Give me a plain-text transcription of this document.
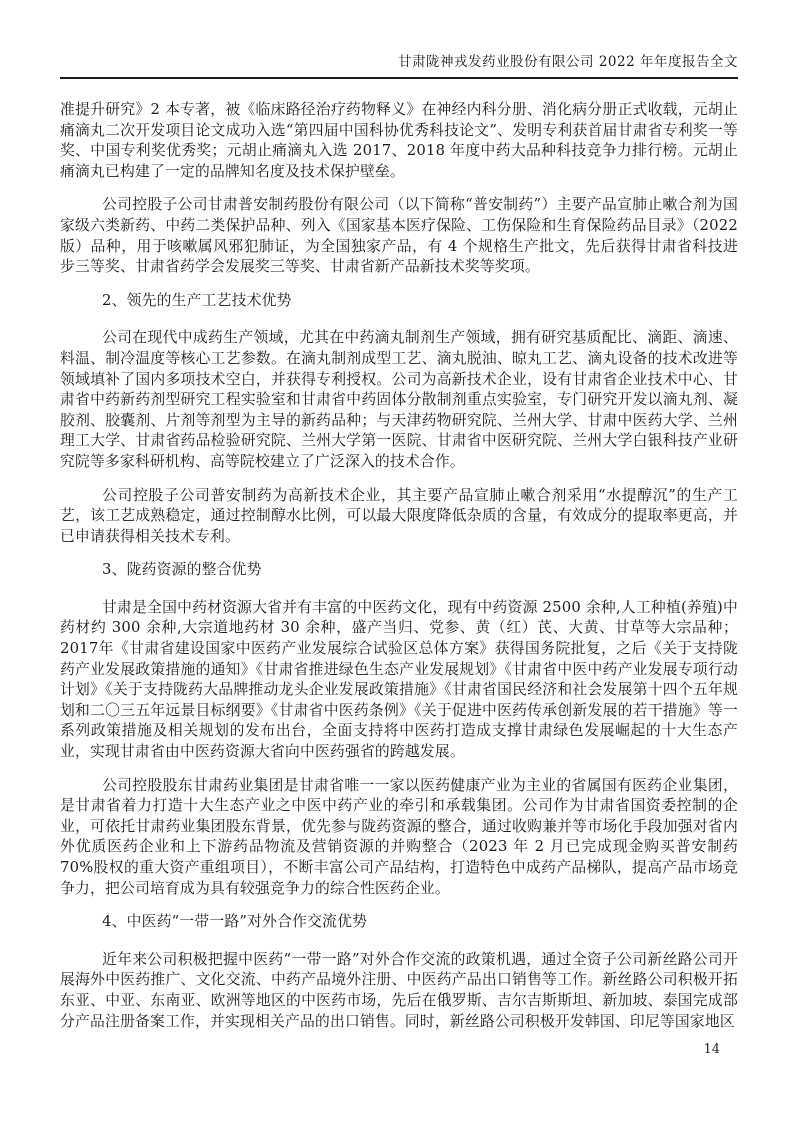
甘肃陇神戎发药业股份有限公司 2022 年年度报告全文

准提升研究》2 本专著，被《临床路径治疗药物释义》在神经内科分册、消化病分册正式收载，元胡止痛滴丸二次开发项目论文成功入选“第四届中国科协优秀科技论文”、发明专利获首届甘肃省专利奖一等奖、中国专利奖优秀奖；元胡止痛滴丸入选 2017、2018 年度中药大品种科技竞争力排行榜。元胡止痛滴丸已构建了一定的品牌知名度及技术保护壁垒。

公司控股子公司甘肃普安制药股份有限公司（以下简称“普安制药”）主要产品宣肺止嗽合剂为国家级六类新药、中药二类保护品种、列入《国家基本医疗保险、工伤保险和生育保险药品目录》（2022版）品种，用于咳嗽属风邪犯肺证，为全国独家产品，有 4 个规格生产批文，先后获得甘肃省科技进步三等奖、甘肃省药学会发展奖三等奖、甘肃省新产品新技术奖等奖项。

2、领先的生产工艺技术优势

公司在现代中成药生产领域，尤其在中药滴丸制剂生产领域，拥有研究基质配比、滴距、滴速、料温、制冷温度等核心工艺参数。在滴丸制剂成型工艺、滴丸脱油、晾丸工艺、滴丸设备的技术改进等领域填补了国内多项技术空白，并获得专利授权。公司为高新技术企业，设有甘肃省企业技术中心、甘肃省中药新药剂型研究工程实验室和甘肃省中药固体分散制剂重点实验室，专门研究开发以滴丸剂、凝胶剂、胶囊剂、片剂等剂型为主导的新药品种；与天津药物研究院、兰州大学、甘肃中医药大学、兰州理工大学、甘肃省药品检验研究院、兰州大学第一医院、甘肃省中医研究院、兰州大学白银科技产业研究院等多家科研机构、高等院校建立了广泛深入的技术合作。

公司控股子公司普安制药为高新技术企业，其主要产品宣肺止嗽合剂采用“水提醇沉”的生产工艺，该工艺成熟稳定，通过控制醇水比例，可以最大限度降低杂质的含量，有效成分的提取率更高，并已申请获得相关技术专利。

3、陇药资源的整合优势

甘肃是全国中药材资源大省并有丰富的中医药文化，现有中药资源 2500 余种,人工种植(养殖)中药材约 300 余种,大宗道地药材 30 余种，盛产当归、党参、黄（红）芪、大黄、甘草等大宗品种；2017年《甘肃省建设国家中医药产业发展综合试验区总体方案》获得国务院批复，之后《关于支持陇药产业发展政策措施的通知》《甘肃省推进绿色生态产业发展规划》《甘肃省中医中药产业发展专项行动计划》《关于支持陇药大品牌推动龙头企业发展政策措施》《甘肃省国民经济和社会发展第十四个五年规划和二〇三五年远景目标纲要》《甘肃省中医药条例》《关于促进中医药传承创新发展的若干措施》等一系列政策措施及相关规划的发布出台，全面支持将中医药打造成支撑甘肃绿色发展崛起的十大生态产业，实现甘肃省由中医药资源大省向中医药强省的跨越发展。

公司控股股东甘肃药业集团是甘肃省唯一一家以医药健康产业为主业的省属国有医药企业集团，是甘肃省着力打造十大生态产业之中医中药产业的牵引和承载集团。公司作为甘肃省国资委控制的企业，可依托甘肃药业集团股东背景，优先参与陇药资源的整合，通过收购兼并等市场化手段加强对省内外优质医药企业和上下游药品物流及营销资源的并购整合（2023 年 2 月已完成现金购买普安制药 70%股权的重大资产重组项目），不断丰富公司产品结构，打造特色中成药产品梯队，提高产品市场竞争力，把公司培育成为具有较强竞争力的综合性医药企业。

4、中医药“一带一路”对外合作交流优势

近年来公司积极把握中医药“一带一路”对外合作交流的政策机遇，通过全资子公司新丝路公司开展海外中医药推广、文化交流、中药产品境外注册、中医药产品出口销售等工作。新丝路公司积极开拓东亚、中亚、东南亚、欧洲等地区的中医药市场，先后在俄罗斯、吉尔吉斯斯坦、新加坡、泰国完成部分产品注册备案工作，并实现相关产品的出口销售。同时，新丝路公司积极开发韩国、印尼等国家地区

14
